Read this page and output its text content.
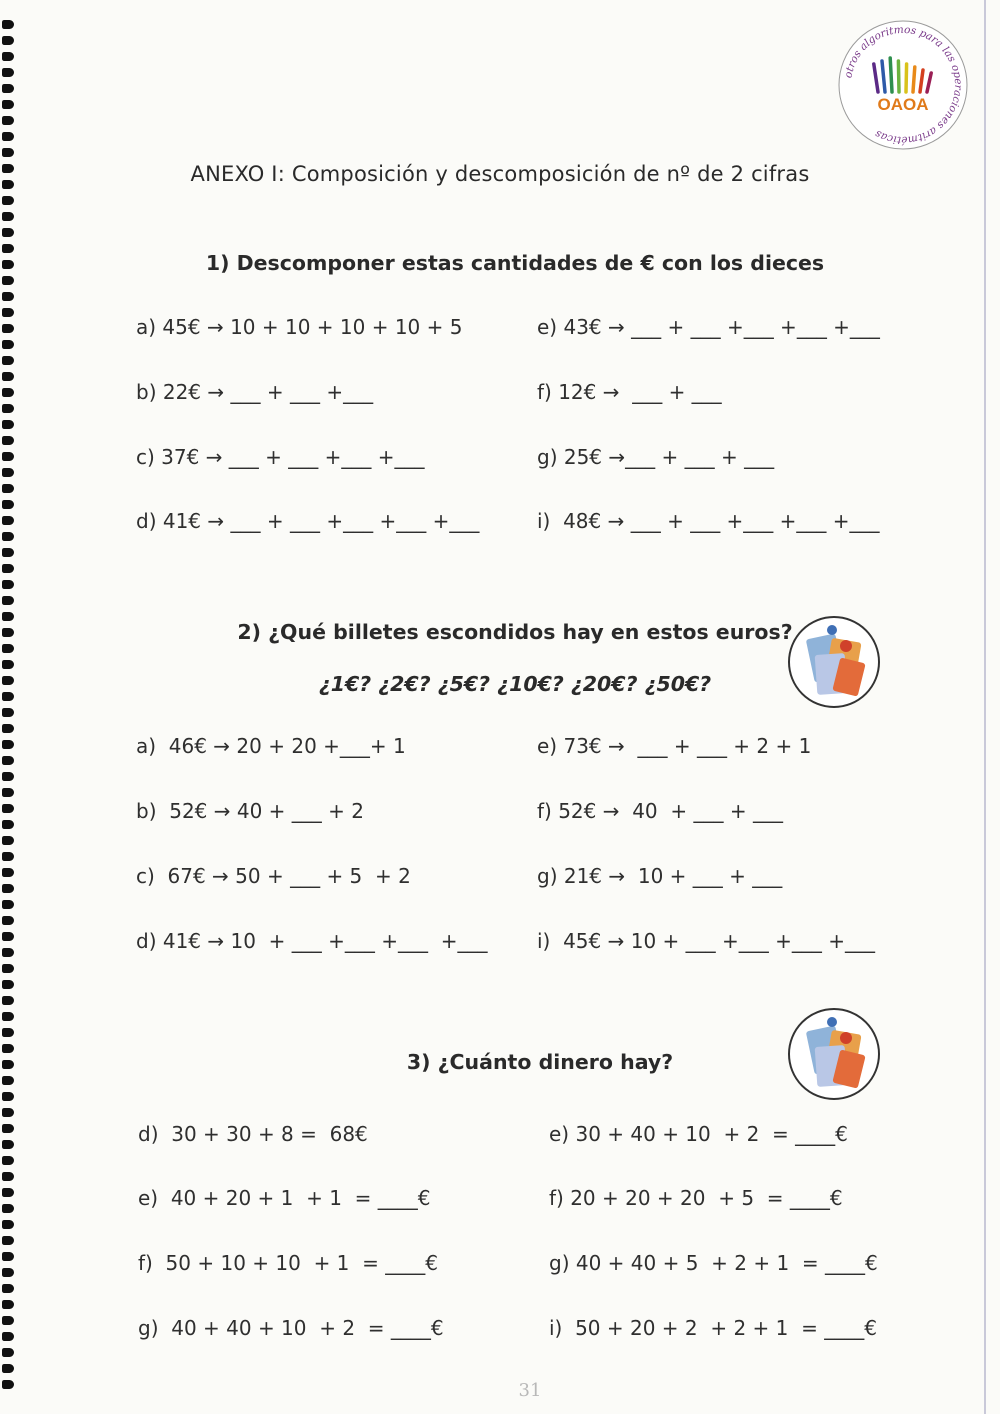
otros algoritmos para las operaciones aritméticas
OAOA
ANEXO I: Composición y descomposición de nº de 2 cifras
1) Descomponer estas cantidades de € con los dieces
a) 45€ → 10 + 10 + 10 + 10 + 5
b) 22€ → ___ + ___ +___
c) 37€ → ___ + ___ +___ +___
d) 41€ → ___ + ___ +___ +___ +___
e) 43€ → ___ + ___ +___ +___ +___
f) 12€ →  ___ + ___
g) 25€ →___ + ___ + ___
i)  48€ → ___ + ___ +___ +___ +___
2) ¿Qué billetes escondidos hay en estos euros?
¿1€? ¿2€? ¿5€? ¿10€? ¿20€? ¿50€?
a)  46€ → 20 + 20 +___+ 1
b)  52€ → 40 + ___ + 2
c)  67€ → 50 + ___ + 5  + 2
d) 41€ → 10  + ___ +___ +___  +___
e) 73€ →  ___ + ___ + 2 + 1
f) 52€ →  40  + ___ + ___
g) 21€ →  10 + ___ + ___
i)  45€ → 10 + ___ +___ +___ +___
3) ¿Cuánto dinero hay?
d)  30 + 30 + 8 =  68€
e)  40 + 20 + 1  + 1  = ____€
f)  50 + 10 + 10  + 1  = ____€
g)  40 + 40 + 10  + 2  = ____€
e) 30 + 40 + 10  + 2  = ____€
f) 20 + 20 + 20  + 5  = ____€
g) 40 + 40 + 5  + 2 + 1  = ____€
i)  50 + 20 + 2  + 2 + 1  = ____€
31
